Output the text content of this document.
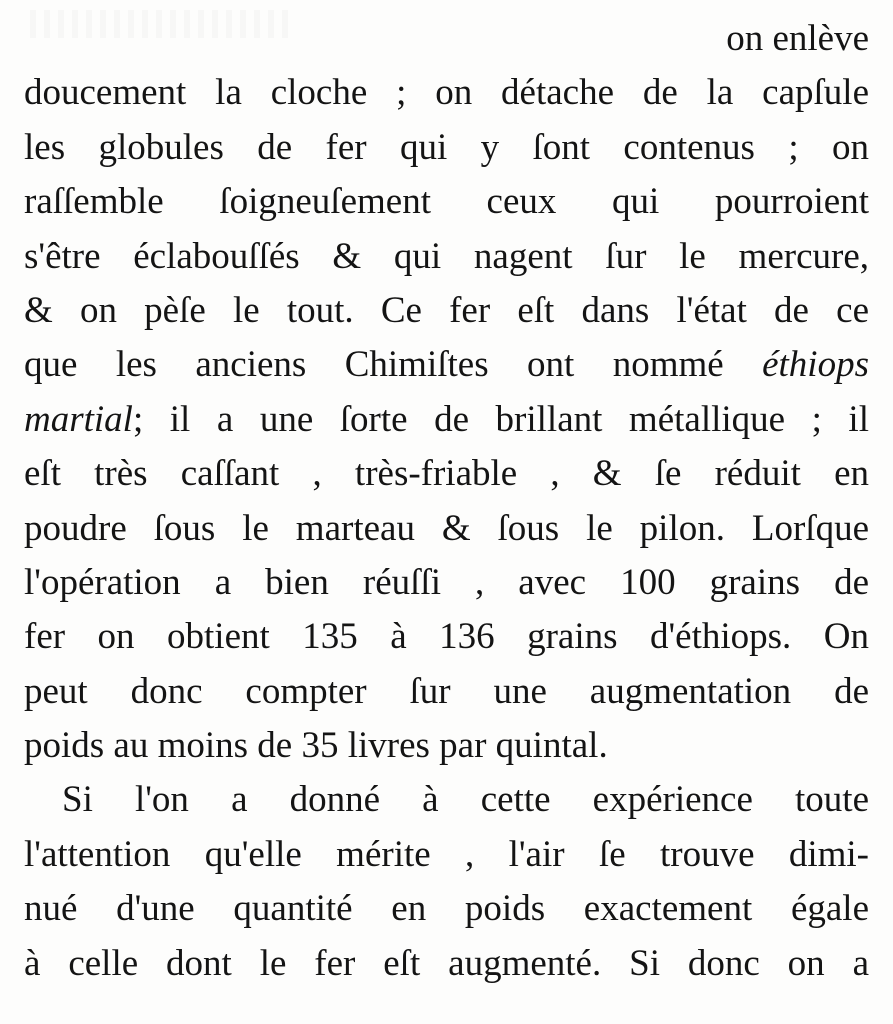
on enlève
doucement la cloche ; on détache de la capſule
les globules de fer qui y ſont contenus ; on
raſſemble ſoigneuſement ceux qui pourroient
s'être éclabouſſés & qui nagent ſur le mercure,
& on pèſe le tout. Ce fer eſt dans l'état de ce
que les anciens Chimiſtes ont nommé éthiops
martial; il a une ſorte de brillant métallique ; il
eſt très caſſant , très-friable , & ſe réduit en
poudre ſous le marteau & ſous le pilon. Lorſque
l'opération a bien réuſſi , avec 100 grains de
fer on obtient 135 à 136 grains d'éthiops. On
peut donc compter ſur une augmentation de
poids au moins de 35 livres par quintal.
Si l'on a donné à cette expérience toute
l'attention qu'elle mérite , l'air ſe trouve dimi-
nué d'une quantité en poids exactement égale
à celle dont le fer eſt augmenté. Si donc on a
